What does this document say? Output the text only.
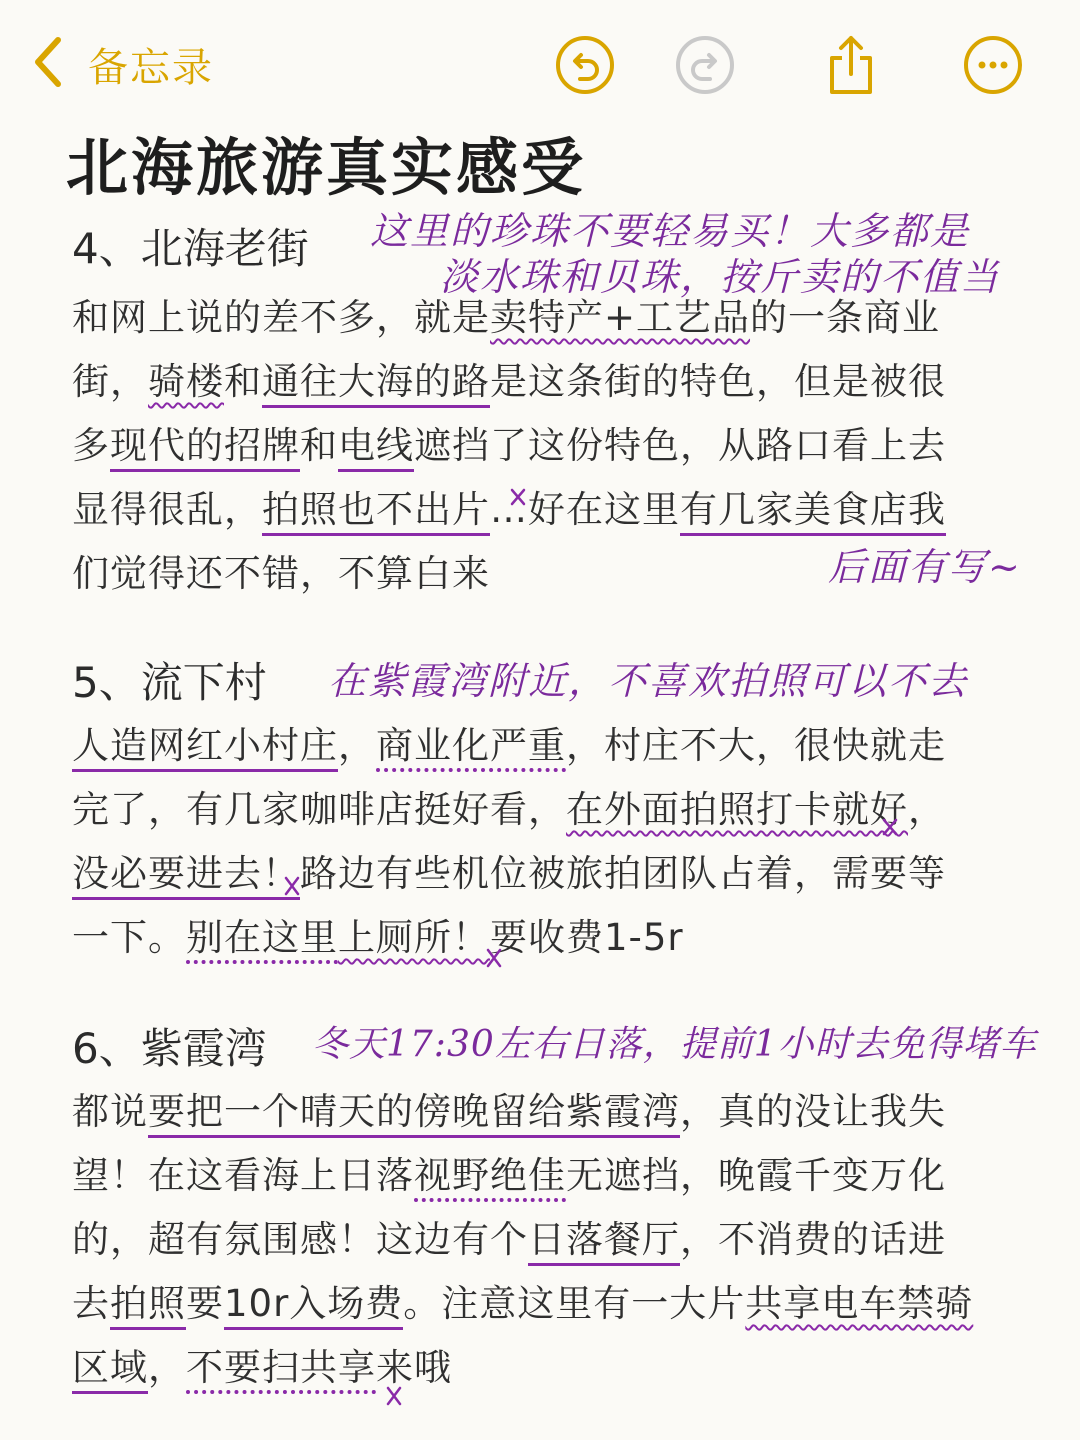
备忘录
北海旅游真实感受
4、北海老街 这里的珍珠不要轻易买！大多都是
淡水珠和贝珠，按斤卖的不值当
和网上说的差不多，就是卖特产+工艺品的一条商业
街，骑楼和通往大海的路是这条街的特色，但是被很
多现代的招牌和电线遮挡了这份特色，从路口看上去
显得很乱，拍照也不出片…好在这里有几家美食店我
们觉得还不错，不算白来	后面有写~
5、流下村 在紫霞湾附近，不喜欢拍照可以不去
人造网红小村庄，商业化严重，村庄不大，很快就走
完了，有几家咖啡店挺好看，在外面拍照打卡就好，
没必要进去！路边有些机位被旅拍团队占着，需要等
一下。别在这里上厕所！要收费1-5r
6、紫霞湾 冬天17:30左右日落，提前1小时去免得堵车
都说要把一个晴天的傍晚留给紫霞湾，真的没让我失
望！在这看海上日落视野绝佳无遮挡，晚霞千变万化
的，超有氛围感！这边有个日落餐厅，不消费的话进
去拍照要10r入场费。注意这里有一大片共享电车禁骑
区域，不要扫共享来哦
